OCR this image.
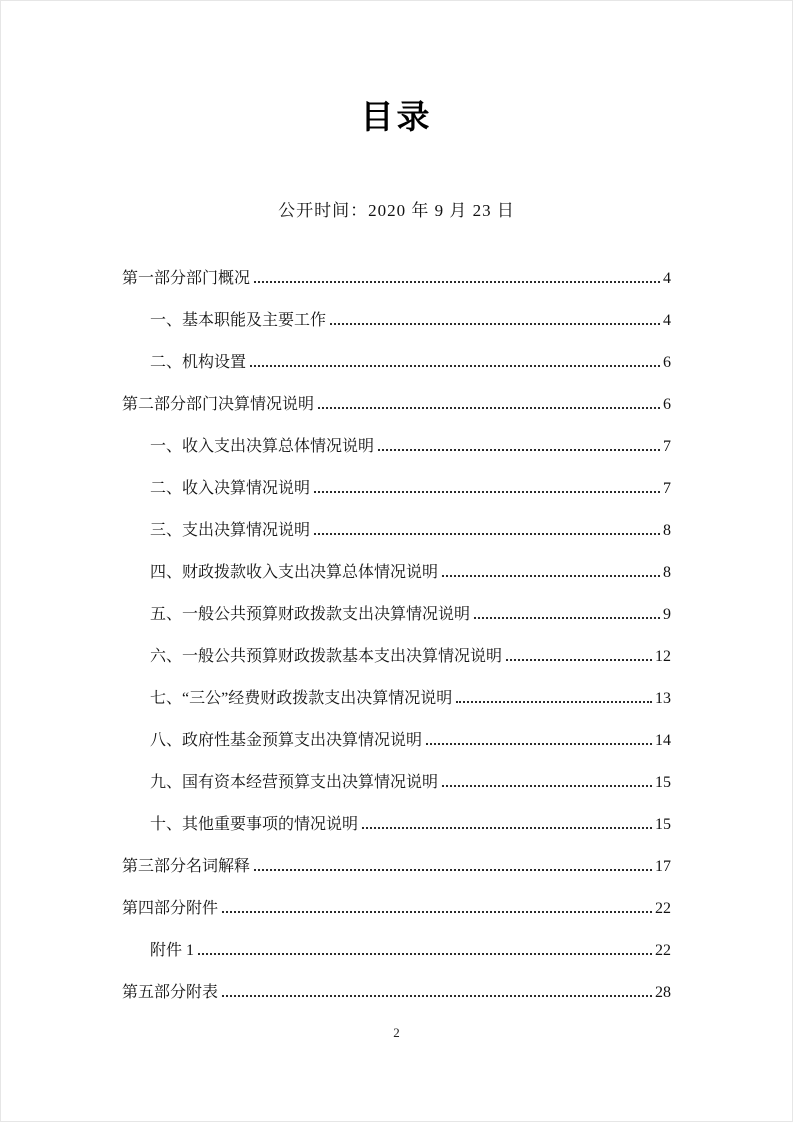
目录
公开时间：2020 年 9 月 23 日
第一部分部门概况	4
一、基本职能及主要工作	4
二、机构设置	6
第二部分部门决算情况说明	6
一、收入支出决算总体情况说明	7
二、收入决算情况说明	7
三、支出决算情况说明	8
四、财政拨款收入支出决算总体情况说明	8
五、一般公共预算财政拨款支出决算情况说明	9
六、一般公共预算财政拨款基本支出决算情况说明	12
七、“三公”经费财政拨款支出决算情况说明	13
八、政府性基金预算支出决算情况说明	14
九、国有资本经营预算支出决算情况说明	15
十、其他重要事项的情况说明	15
第三部分名词解释	17
第四部分附件	22
附件 1	22
第五部分附表	28
2
